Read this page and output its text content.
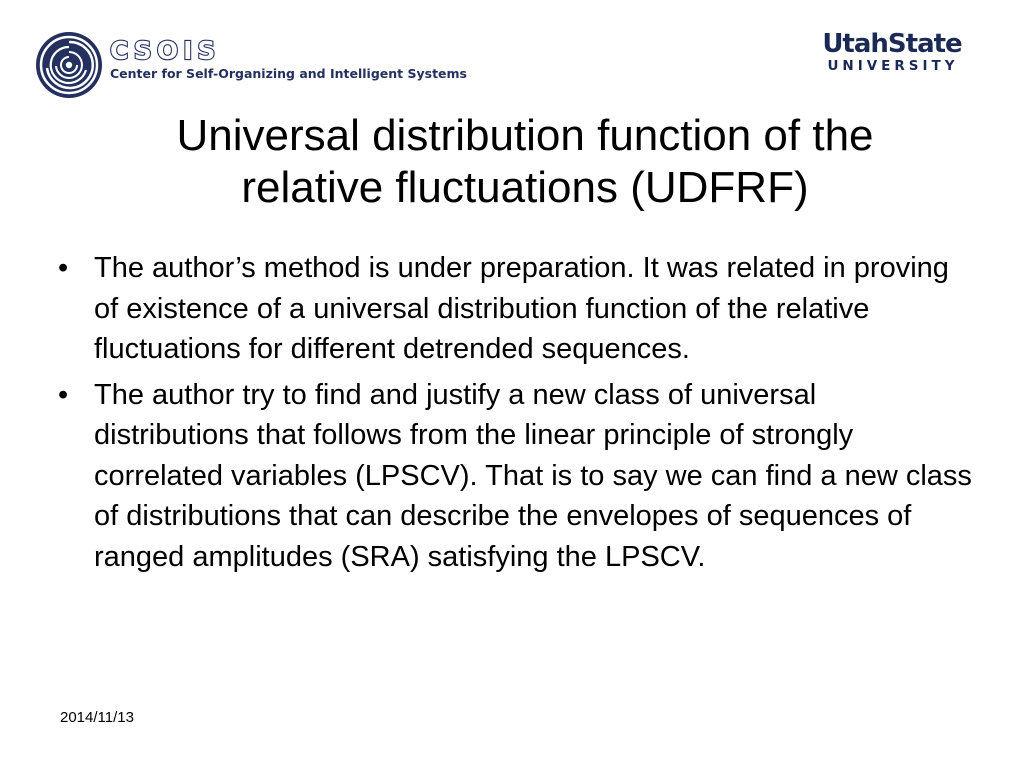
CSOIS
Center for Self-Organizing and Intelligent Systems
UtahState
UNIVERSITY
Universal distribution function of the
relative fluctuations (UDFRF)
• The author’s method is under preparation. It was related in proving of existence of a universal distribution function of the relative fluctuations for different detrended sequences.
• The author try to find and justify a new class of universal distributions that follows from the linear principle of strongly correlated variables (LPSCV). That is to say we can find a new class of distributions that can describe the envelopes of sequences of ranged amplitudes (SRA) satisfying the LPSCV.
2014/11/13
